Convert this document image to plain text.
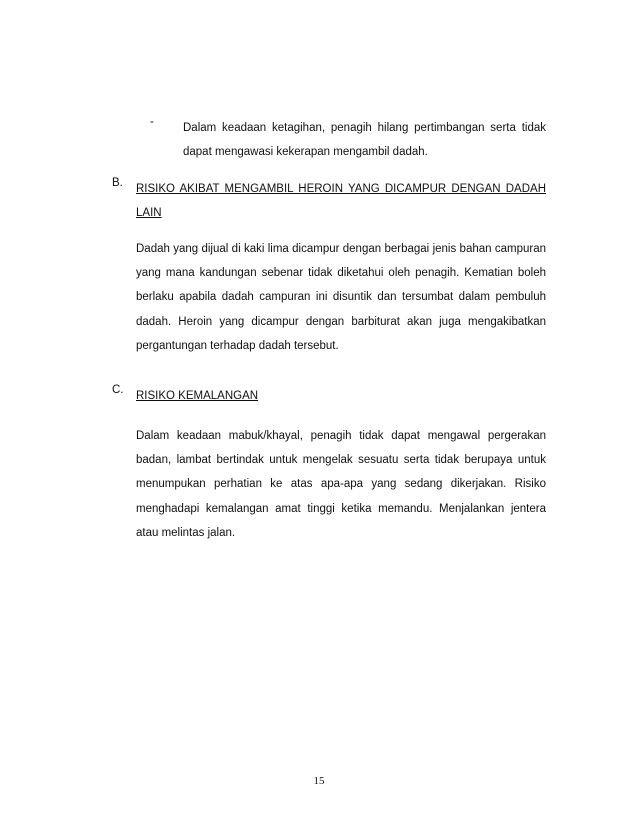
-	Dalam keadaan ketagihan, penagih hilang pertimbangan serta tidak dapat mengawasi kekerapan mengambil dadah.
B. RISIKO AKIBAT MENGAMBIL HEROIN YANG DICAMPUR DENGAN DADAH LAIN
Dadah yang dijual di kaki lima dicampur dengan berbagai jenis bahan campuran yang mana kandungan sebenar tidak diketahui oleh penagih. Kematian boleh berlaku apabila dadah campuran ini disuntik dan tersumbat dalam pembuluh dadah. Heroin yang dicampur dengan barbiturat akan juga mengakibatkan pergantungan terhadap dadah tersebut.
C. RISIKO KEMALANGAN
Dalam keadaan mabuk/khayal, penagih tidak dapat mengawal pergerakan badan, lambat bertindak untuk mengelak sesuatu serta tidak berupaya untuk menumpukan perhatian ke atas apa-apa yang sedang dikerjakan. Risiko menghadapi kemalangan amat tinggi ketika memandu. Menjalankan jentera atau melintas jalan.
15
